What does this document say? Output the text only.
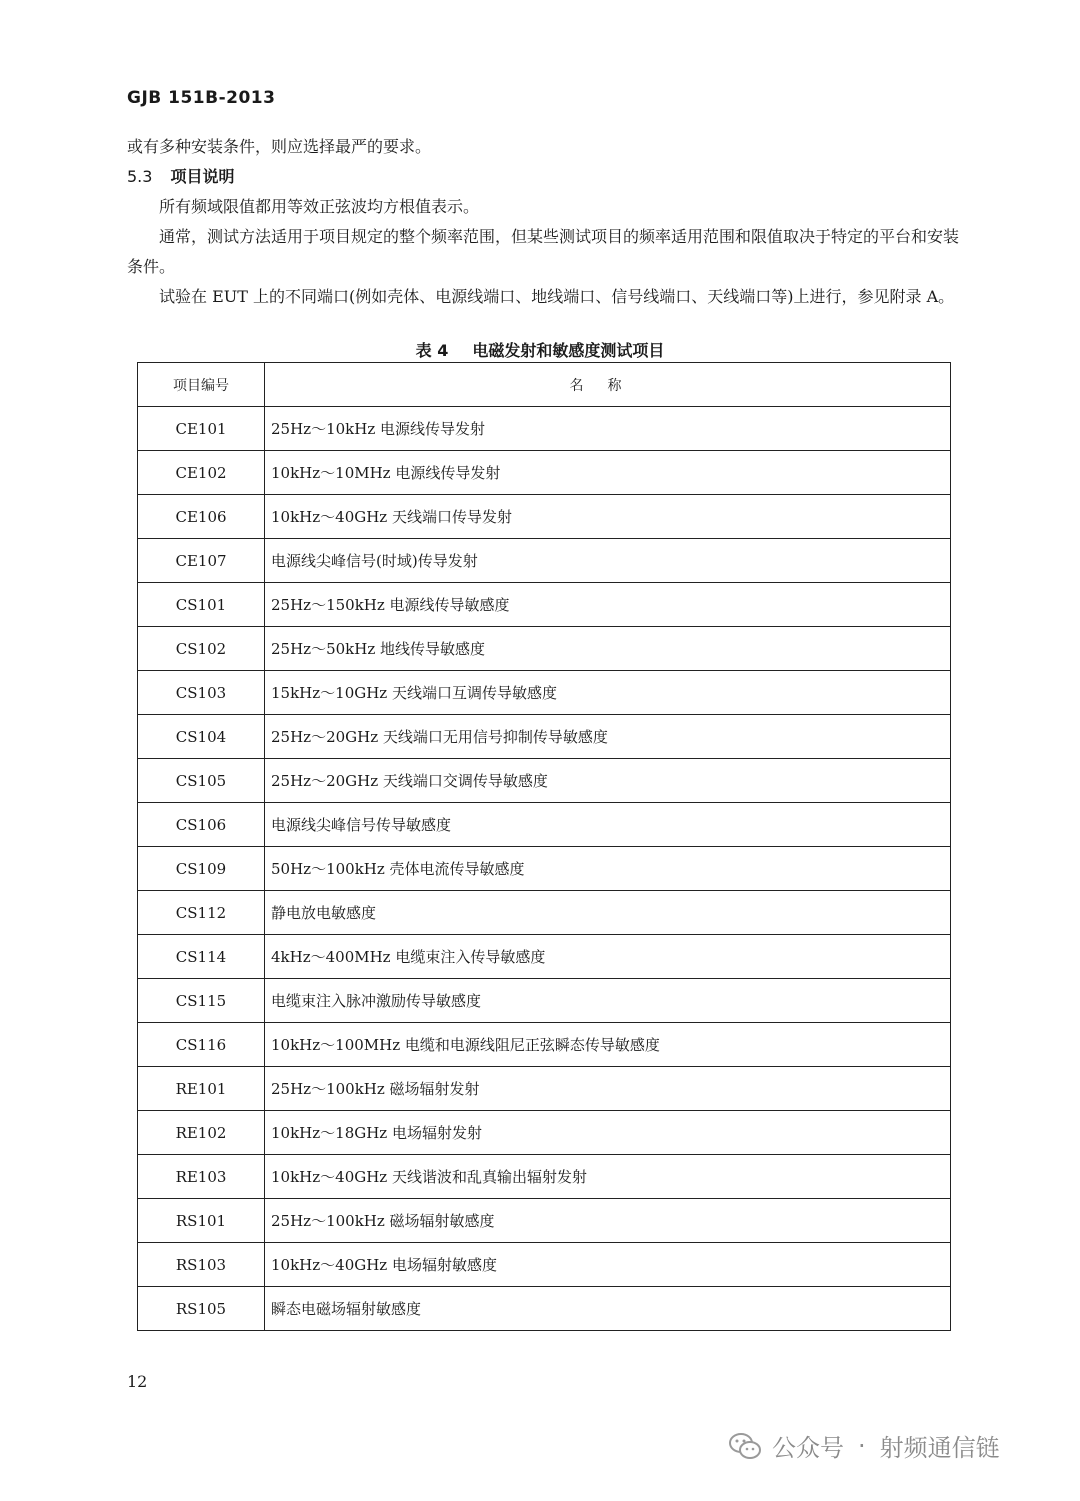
GJB 151B-2013

或有多种安装条件，则应选择最严的要求。

5.3 项目说明

所有频域限值都用等效正弦波均方根值表示。

通常，测试方法适用于项目规定的整个频率范围，但某些测试项目的频率适用范围和限值取决于特定的平台和安装条件。

试验在 EUT 上的不同端口(例如壳体、电源线端口、地线端口、信号线端口、天线端口等)上进行，参见附录 A。

表 4 电磁发射和敏感度测试项目
项目编号	名称
CE101	25Hz～10kHz 电源线传导发射
CE102	10kHz～10MHz 电源线传导发射
CE106	10kHz～40GHz 天线端口传导发射
CE107	电源线尖峰信号(时域)传导发射
CS101	25Hz～150kHz 电源线传导敏感度
CS102	25Hz～50kHz 地线传导敏感度
CS103	15kHz～10GHz 天线端口互调传导敏感度
CS104	25Hz～20GHz 天线端口无用信号抑制传导敏感度
CS105	25Hz～20GHz 天线端口交调传导敏感度
CS106	电源线尖峰信号传导敏感度
CS109	50Hz～100kHz 壳体电流传导敏感度
CS112	静电放电敏感度
CS114	4kHz～400MHz 电缆束注入传导敏感度
CS115	电缆束注入脉冲激励传导敏感度
CS116	10kHz～100MHz 电缆和电源线阻尼正弦瞬态传导敏感度
RE101	25Hz～100kHz 磁场辐射发射
RE102	10kHz～18GHz 电场辐射发射
RE103	10kHz～40GHz 天线谐波和乱真输出辐射发射
RS101	25Hz～100kHz 磁场辐射敏感度
RS103	10kHz～40GHz 电场辐射敏感度
RS105	瞬态电磁场辐射敏感度
12
公众号 · 射频通信链
